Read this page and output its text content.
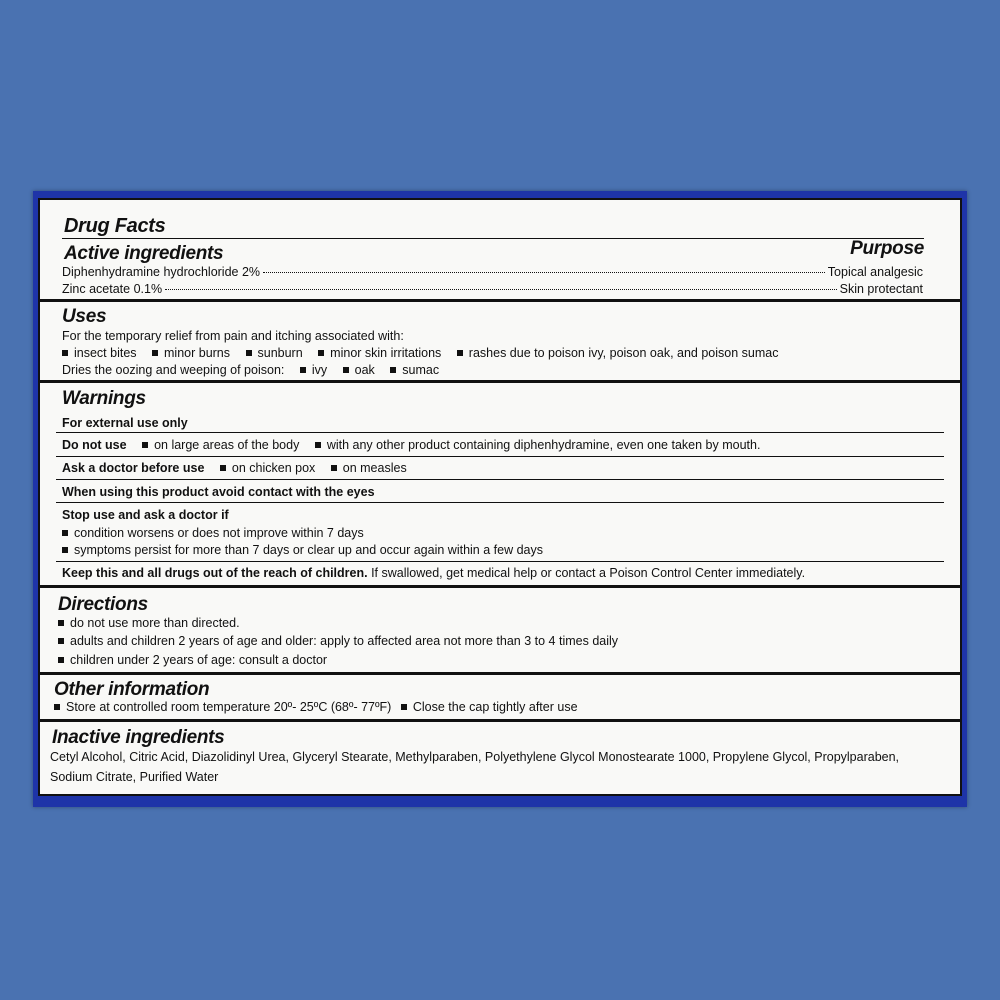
Drug Facts
Active ingredients	Purpose
Diphenhydramine hydrochloride 2%	Topical analgesic
Zinc acetate 0.1%	Skin protectant
Uses
For the temporary relief from pain and itching associated with:
insect bites minor burns sunburn minor skin irritations rashes due to poison ivy, poison oak, and poison sumac
Dries the oozing and weeping of poison: ivy oak sumac
Warnings
For external use only
Do not use on large areas of the body with any other product containing diphenhydramine, even one taken by mouth.
Ask a doctor before use on chicken pox on measles
When using this product avoid contact with the eyes
Stop use and ask a doctor if
condition worsens or does not improve within 7 days
symptoms persist for more than 7 days or clear up and occur again within a few days
Keep this and all drugs out of the reach of children. If swallowed, get medical help or contact a Poison Control Center immediately.
Directions
do not use more than directed.
adults and children 2 years of age and older: apply to affected area not more than 3 to 4 times daily
children under 2 years of age: consult a doctor
Other information
Store at controlled room temperature 20º- 25ºC (68º- 77ºF) Close the cap tightly after use
Inactive ingredients
Cetyl Alcohol, Citric Acid, Diazolidinyl Urea, Glyceryl Stearate, Methylparaben, Polyethylene Glycol Monostearate 1000, Propylene Glycol, Propylparaben,
Sodium Citrate, Purified Water
